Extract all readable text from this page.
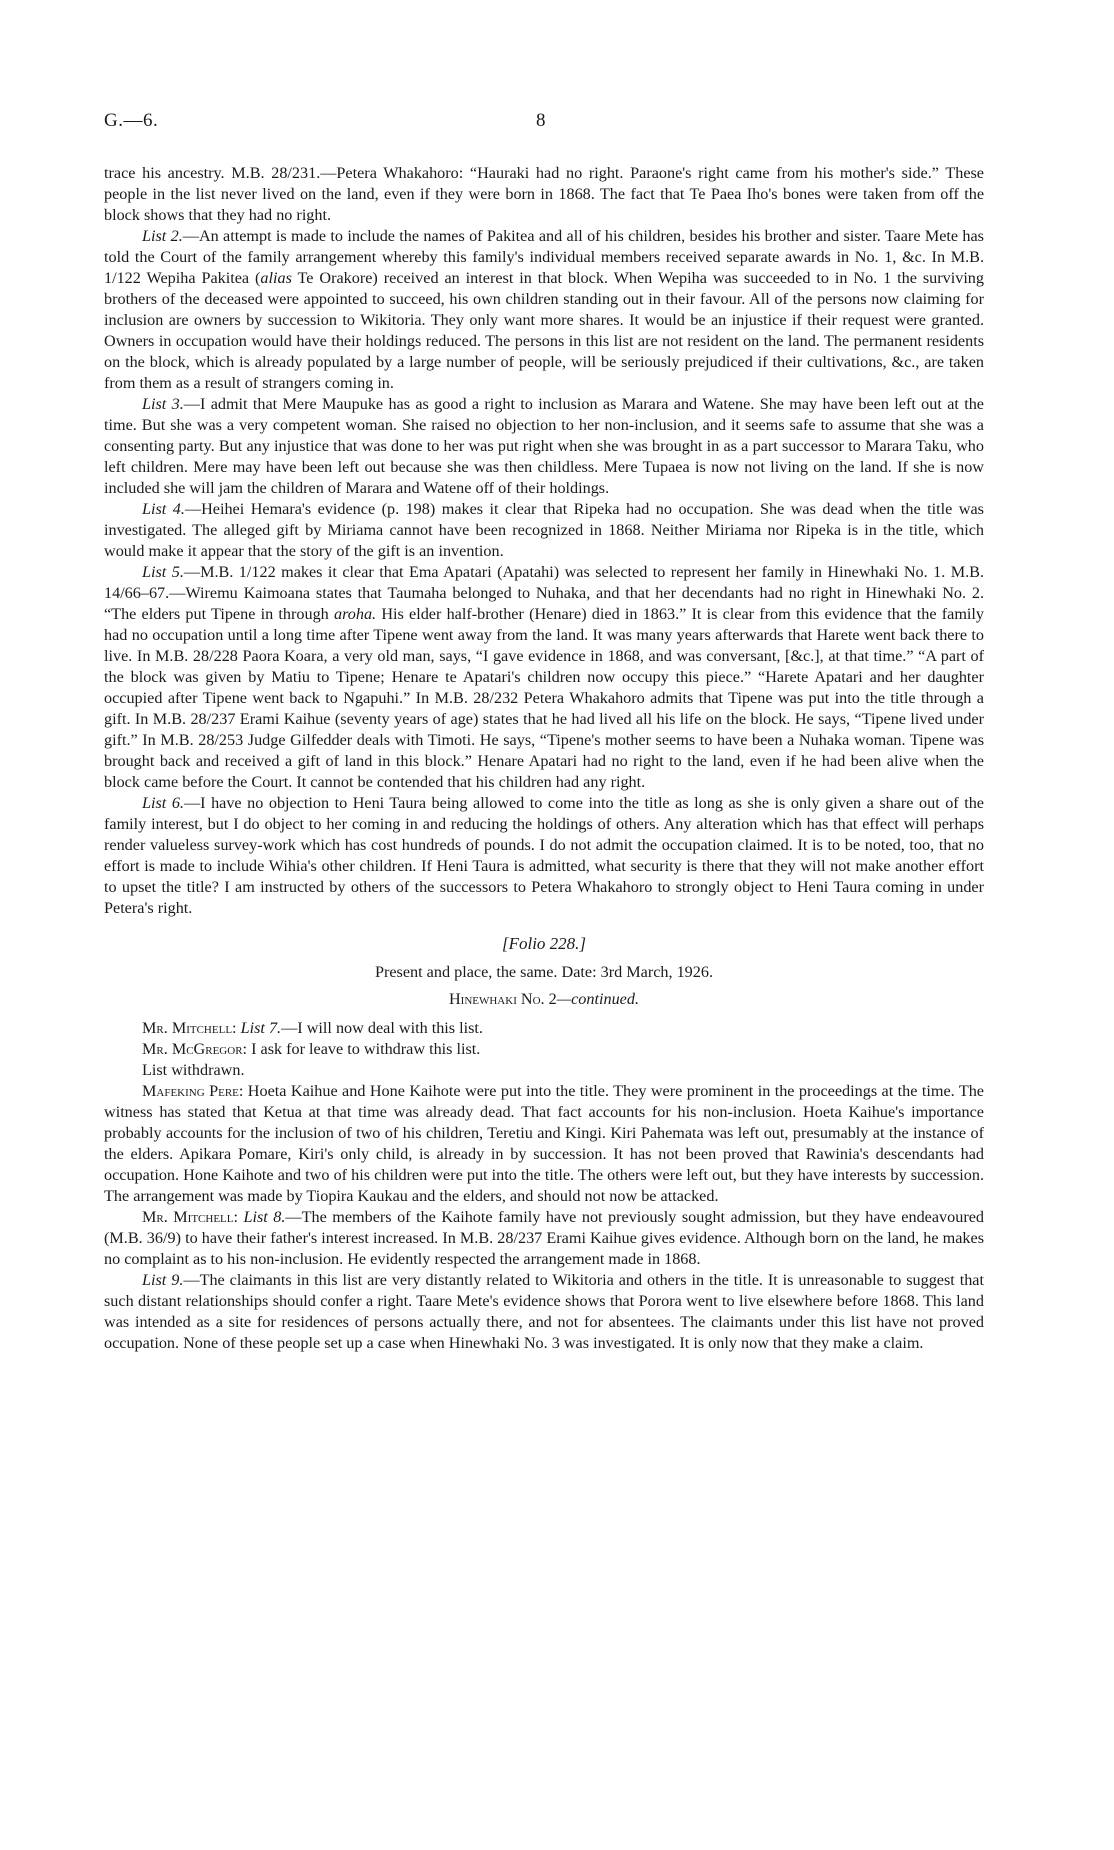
G.—6.	8

trace his ancestry. M.B. 28/231.—Petera Whakahoro: “Hauraki had no right. Paraone's right came from his mother's side.” These people in the list never lived on the land, even if they were born in 1868. The fact that Te Paea Iho's bones were taken from off the block shows that they had no right.

List 2.—An attempt is made to include the names of Pakitea and all of his children, besides his brother and sister. Taare Mete has told the Court of the family arrangement whereby this family's individual members received separate awards in No. 1, &c. In M.B. 1/122 Wepiha Pakitea (alias Te Orakore) received an interest in that block. When Wepiha was succeeded to in No. 1 the surviving brothers of the deceased were appointed to succeed, his own children standing out in their favour. All of the persons now claiming for inclusion are owners by succession to Wikitoria. They only want more shares. It would be an injustice if their request were granted. Owners in occupation would have their holdings reduced. The persons in this list are not resident on the land. The permanent residents on the block, which is already populated by a large number of people, will be seriously prejudiced if their cultivations, &c., are taken from them as a result of strangers coming in.

List 3.—I admit that Mere Maupuke has as good a right to inclusion as Marara and Watene. She may have been left out at the time. But she was a very competent woman. She raised no objection to her non-inclusion, and it seems safe to assume that she was a consenting party. But any injustice that was done to her was put right when she was brought in as a part successor to Marara Taku, who left children. Mere may have been left out because she was then childless. Mere Tupaea is now not living on the land. If she is now included she will jam the children of Marara and Watene off of their holdings.

List 4.—Heihei Hemara's evidence (p. 198) makes it clear that Ripeka had no occupation. She was dead when the title was investigated. The alleged gift by Miriama cannot have been recognized in 1868. Neither Miriama nor Ripeka is in the title, which would make it appear that the story of the gift is an invention.

List 5.—M.B. 1/122 makes it clear that Ema Apatari (Apatahi) was selected to represent her family in Hinewhaki No. 1. M.B. 14/66–67.—Wiremu Kaimoana states that Taumaha belonged to Nuhaka, and that her decendants had no right in Hinewhaki No. 2. “The elders put Tipene in through aroha. His elder half-brother (Henare) died in 1863.” It is clear from this evidence that the family had no occupation until a long time after Tipene went away from the land. It was many years afterwards that Harete went back there to live. In M.B. 28/228 Paora Koara, a very old man, says, “I gave evidence in 1868, and was conversant, [&c.], at that time.” “A part of the block was given by Matiu to Tipene; Henare te Apatari's children now occupy this piece.” “Harete Apatari and her daughter occupied after Tipene went back to Ngapuhi.” In M.B. 28/232 Petera Whakahoro admits that Tipene was put into the title through a gift. In M.B. 28/237 Erami Kaihue (seventy years of age) states that he had lived all his life on the block. He says, “Tipene lived under gift.” In M.B. 28/253 Judge Gilfedder deals with Timoti. He says, “Tipene's mother seems to have been a Nuhaka woman. Tipene was brought back and received a gift of land in this block.” Henare Apatari had no right to the land, even if he had been alive when the block came before the Court. It cannot be contended that his children had any right.

List 6.—I have no objection to Heni Taura being allowed to come into the title as long as she is only given a share out of the family interest, but I do object to her coming in and reducing the holdings of others. Any alteration which has that effect will perhaps render valueless survey-work which has cost hundreds of pounds. I do not admit the occupation claimed. It is to be noted, too, that no effort is made to include Wihia's other children. If Heni Taura is admitted, what security is there that they will not make another effort to upset the title? I am instructed by others of the successors to Petera Whakahoro to strongly object to Heni Taura coming in under Petera's right.

[Folio 228.]

Present and place, the same. Date: 3rd March, 1926.

Hinewhaki No. 2—continued.

Mr. Mitchell: List 7.—I will now deal with this list.

Mr. McGregor: I ask for leave to withdraw this list.

List withdrawn.

Mafeking Pere: Hoeta Kaihue and Hone Kaihote were put into the title. They were prominent in the proceedings at the time. The witness has stated that Ketua at that time was already dead. That fact accounts for his non-inclusion. Hoeta Kaihue's importance probably accounts for the inclusion of two of his children, Teretiu and Kingi. Kiri Pahemata was left out, presumably at the instance of the elders. Apikara Pomare, Kiri's only child, is already in by succession. It has not been proved that Rawinia's descendants had occupation. Hone Kaihote and two of his children were put into the title. The others were left out, but they have interests by succession. The arrangement was made by Tiopira Kaukau and the elders, and should not now be attacked.

Mr. Mitchell: List 8.—The members of the Kaihote family have not previously sought admission, but they have endeavoured (M.B. 36/9) to have their father's interest increased. In M.B. 28/237 Erami Kaihue gives evidence. Although born on the land, he makes no complaint as to his non-inclusion. He evidently respected the arrangement made in 1868.

List 9.—The claimants in this list are very distantly related to Wikitoria and others in the title. It is unreasonable to suggest that such distant relationships should confer a right. Taare Mete's evidence shows that Porora went to live elsewhere before 1868. This land was intended as a site for residences of persons actually there, and not for absentees. The claimants under this list have not proved occupation. None of these people set up a case when Hinewhaki No. 3 was investigated. It is only now that they make a claim.
